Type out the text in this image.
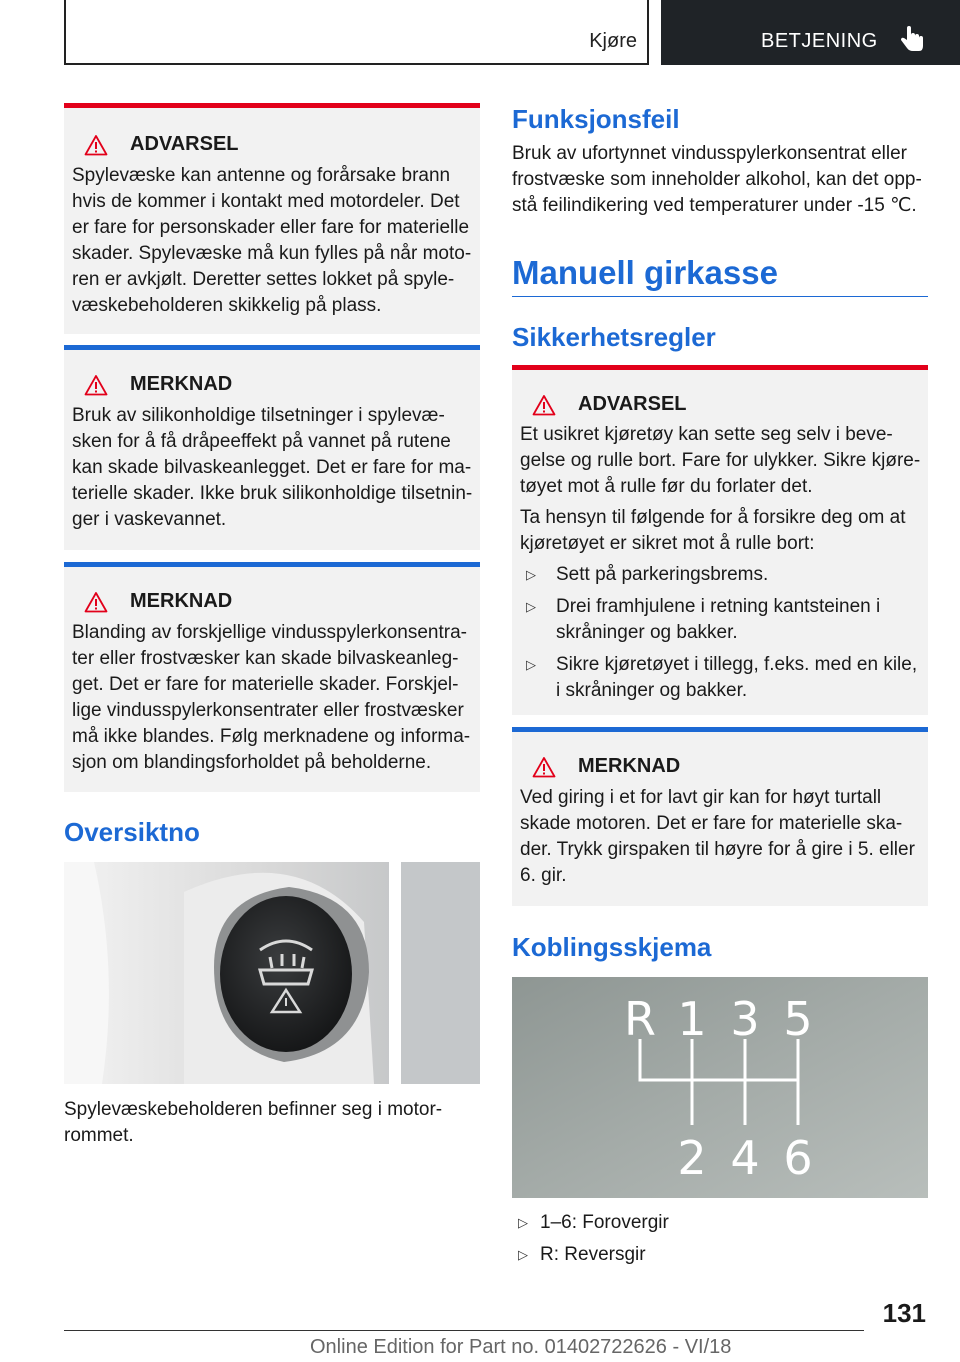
Kjøre	BETJENING
ADVARSEL
Spylevæske kan antenne og forårsake brann
hvis de kommer i kontakt med motordeler. Det
er fare for personskader eller fare for materielle
skader. Spylevæske må kun fylles på når moto-
ren er avkjølt. Deretter settes lokket på spyle-
væskebeholderen skikkelig på plass.
MERKNAD
Bruk av silikonholdige tilsetninger i spylevæ-
sken for å få dråpeeffekt på vannet på rutene
kan skade bilvaskeanlegget. Det er fare for ma-
terielle skader. Ikke bruk silikonholdige tilsetnin-
ger i vaskevannet.
MERKNAD
Blanding av forskjellige vindusspylerkonsentra-
ter eller frostvæsker kan skade bilvaskeanleg-
get. Det er fare for materielle skader. Forskjel-
lige vindusspylerkonsentrater eller frostvæsker
må ikke blandes. Følg merknadene og informa-
sjon om blandingsforholdet på beholderne.
Oversiktno
Spylevæskebeholderen befinner seg i motor-
rommet.
Funksjonsfeil
Bruk av ufortynnet vindusspylerkonsentrat eller
frostvæske som inneholder alkohol, kan det opp-
stå feilindikering ved temperaturer under -15 ℃.
Manuell girkasse
Sikkerhetsregler
ADVARSEL
Et usikret kjøretøy kan sette seg selv i beve-
gelse og rulle bort. Fare for ulykker. Sikre kjøre-
tøyet mot å rulle før du forlater det.
Ta hensyn til følgende for å forsikre deg om at
kjøretøyet er sikret mot å rulle bort:
▷	Sett på parkeringsbrems.
▷	Drei framhjulene i retning kantsteinen i
skråninger og bakker.
▷	Sikre kjøretøyet i tillegg, f.eks. med en kile,
i skråninger og bakker.
MERKNAD
Ved giring i et for lavt gir kan for høyt turtall
skade motoren. Det er fare for materielle ska-
der. Trykk girspaken til høyre for å gire i 5. eller
6. gir.
Koblingsskjema
R 1 3 5
2 4 6
▷ 1–6: Forovergir
▷ R: Reversgir
131
Online Edition for Part no. 01402722626 - VI/18
